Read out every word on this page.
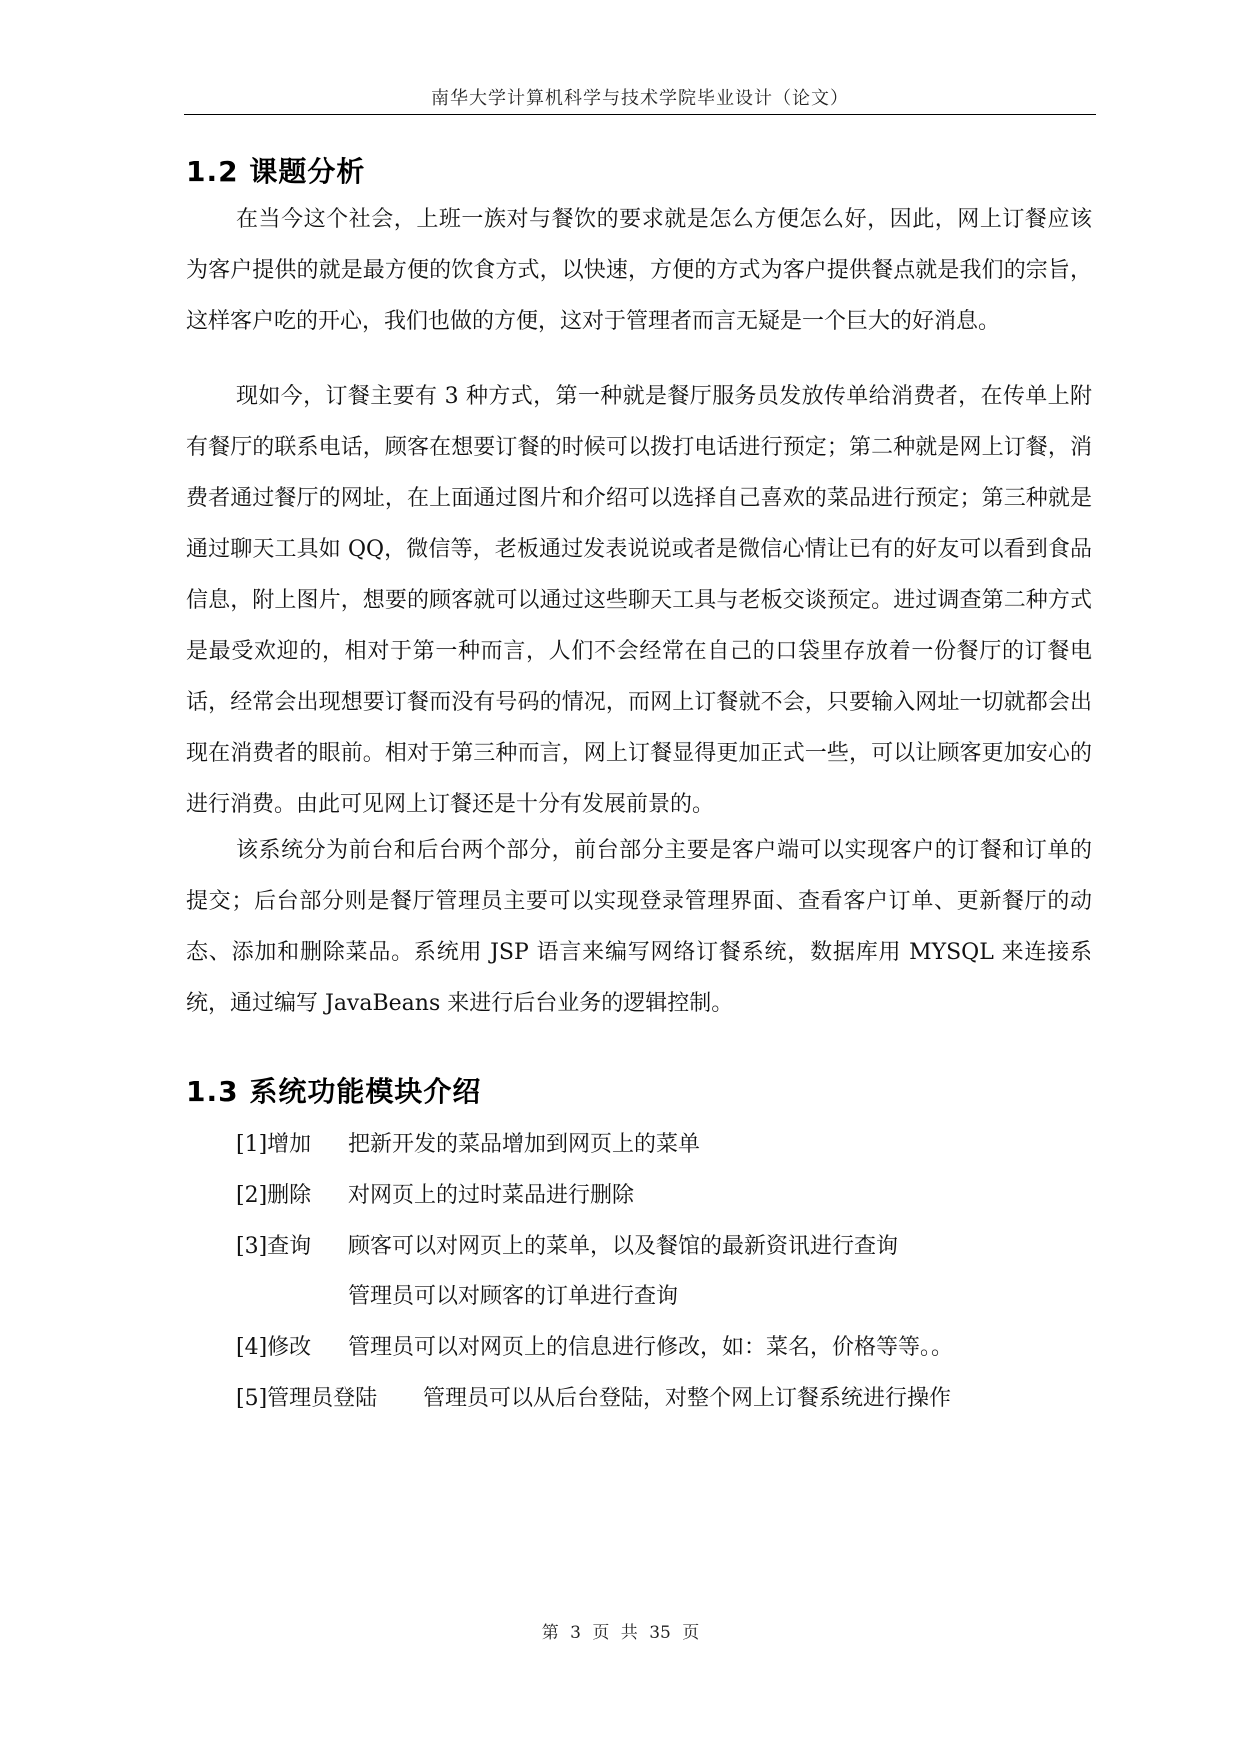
南华大学计算机科学与技术学院毕业设计（论文）
1.2 课题分析

在当今这个社会，上班一族对与餐饮的要求就是怎么方便怎么好，因此，网上订餐应该为客户提供的就是最方便的饮食方式，以快速，方便的方式为客户提供餐点就是我们的宗旨，这样客户吃的开心，我们也做的方便，这对于管理者而言无疑是一个巨大的好消息。

现如今，订餐主要有 3 种方式，第一种就是餐厅服务员发放传单给消费者，在传单上附有餐厅的联系电话，顾客在想要订餐的时候可以拨打电话进行预定；第二种就是网上订餐，消费者通过餐厅的网址，在上面通过图片和介绍可以选择自己喜欢的菜品进行预定；第三种就是通过聊天工具如 QQ，微信等，老板通过发表说说或者是微信心情让已有的好友可以看到食品信息，附上图片，想要的顾客就可以通过这些聊天工具与老板交谈预定。进过调查第二种方式是最受欢迎的，相对于第一种而言，人们不会经常在自己的口袋里存放着一份餐厅的订餐电话，经常会出现想要订餐而没有号码的情况，而网上订餐就不会，只要输入网址一切就都会出现在消费者的眼前。相对于第三种而言，网上订餐显得更加正式一些，可以让顾客更加安心的进行消费。由此可见网上订餐还是十分有发展前景的。

该系统分为前台和后台两个部分，前台部分主要是客户端可以实现客户的订餐和订单的提交；后台部分则是餐厅管理员主要可以实现登录管理界面、查看客户订单、更新餐厅的动态、添加和删除菜品。系统用 JSP 语言来编写网络订餐系统，数据库用 MYSQL 来连接系统，通过编写 JavaBeans 来进行后台业务的逻辑控制。

1.3 系统功能模块介绍
[1]增加 把新开发的菜品增加到网页上的菜单
[2]删除 对网页上的过时菜品进行删除
[3]查询 顾客可以对网页上的菜单，以及餐馆的最新资讯进行查询
管理员可以对顾客的订单进行查询
[4]修改 管理员可以对网页上的信息进行修改，如：菜名，价格等等。。
[5]管理员登陆 管理员可以从后台登陆，对整个网上订餐系统进行操作
第 3 页 共 35 页
